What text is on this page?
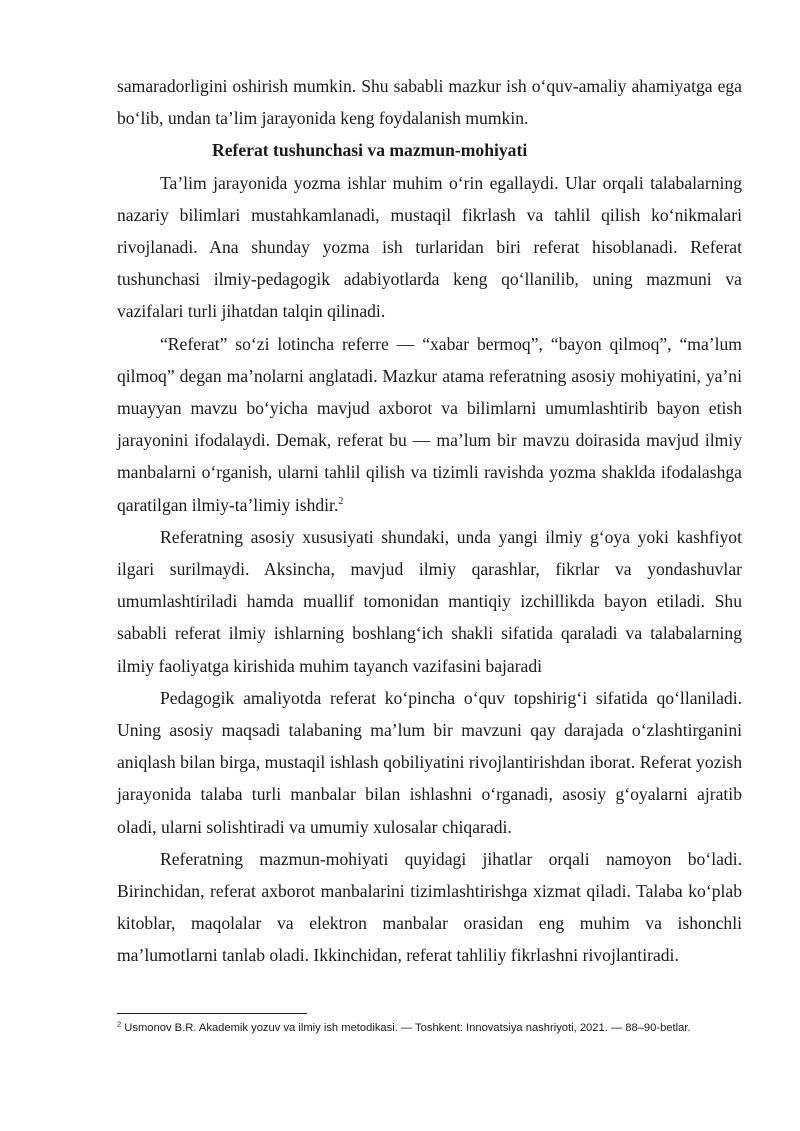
samaradorligini oshirish mumkin. Shu sababli mazkur ish o‘quv-amaliy ahamiyatga ega bo‘lib, undan ta’lim jarayonida keng foydalanish mumkin.

Referat tushunchasi va mazmun-mohiyati

Ta’lim jarayonida yozma ishlar muhim o‘rin egallaydi. Ular orqali talabalarning nazariy bilimlari mustahkamlanadi, mustaqil fikrlash va tahlil qilish ko‘nikmalari rivojlanadi. Ana shunday yozma ish turlaridan biri referat hisoblanadi. Referat tushunchasi ilmiy-pedagogik adabiyotlarda keng qo‘llanilib, uning mazmuni va vazifalari turli jihatdan talqin qilinadi.

“Referat” so‘zi lotincha referre — “xabar bermoq”, “bayon qilmoq”, “ma’lum qilmoq” degan ma’nolarni anglatadi. Mazkur atama referatning asosiy mohiyatini, ya’ni muayyan mavzu bo‘yicha mavjud axborot va bilimlarni umumlashtirib bayon etish jarayonini ifodalaydi. Demak, referat bu — ma’lum bir mavzu doirasida mavjud ilmiy manbalarni o‘rganish, ularni tahlil qilish va tizimli ravishda yozma shaklda ifodalashga qaratilgan ilmiy-ta’limiy ishdir.$^2$

Referatning asosiy xususiyati shundaki, unda yangi ilmiy g‘oya yoki kashfiyot ilgari surilmaydi. Aksincha, mavjud ilmiy qarashlar, fikrlar va yondashuvlar umumlashtiriladi hamda muallif tomonidan mantiqiy izchillikda bayon etiladi. Shu sababli referat ilmiy ishlarning boshlang‘ich shakli sifatida qaraladi va talabalarning ilmiy faoliyatga kirishida muhim tayanch vazifasini bajaradi

Pedagogik amaliyotda referat ko‘pincha o‘quv topshirig‘i sifatida qo‘llaniladi. Uning asosiy maqsadi talabaning ma’lum bir mavzuni qay darajada o‘zlashtirganini aniqlash bilan birga, mustaqil ishlash qobiliyatini rivojlantirishdan iborat. Referat yozish jarayonida talaba turli manbalar bilan ishlashni o‘rganadi, asosiy g‘oyalarni ajratib oladi, ularni solishtiradi va umumiy xulosalar chiqaradi.

Referatning mazmun-mohiyati quyidagi jihatlar orqali namoyon bo‘ladi. Birinchidan, referat axborot manbalarini tizimlashtirishga xizmat qiladi. Talaba ko‘plab kitoblar, maqolalar va elektron manbalar orasidan eng muhim va ishonchli ma’lumotlarni tanlab oladi. Ikkinchidan, referat tahliliy fikrlashni rivojlantiradi.

$^2$ Usmonov B.R. Akademik yozuv va ilmiy ish metodikasi. — Toshkent: Innovatsiya nashriyoti, 2021. — 88–90-betlar.
